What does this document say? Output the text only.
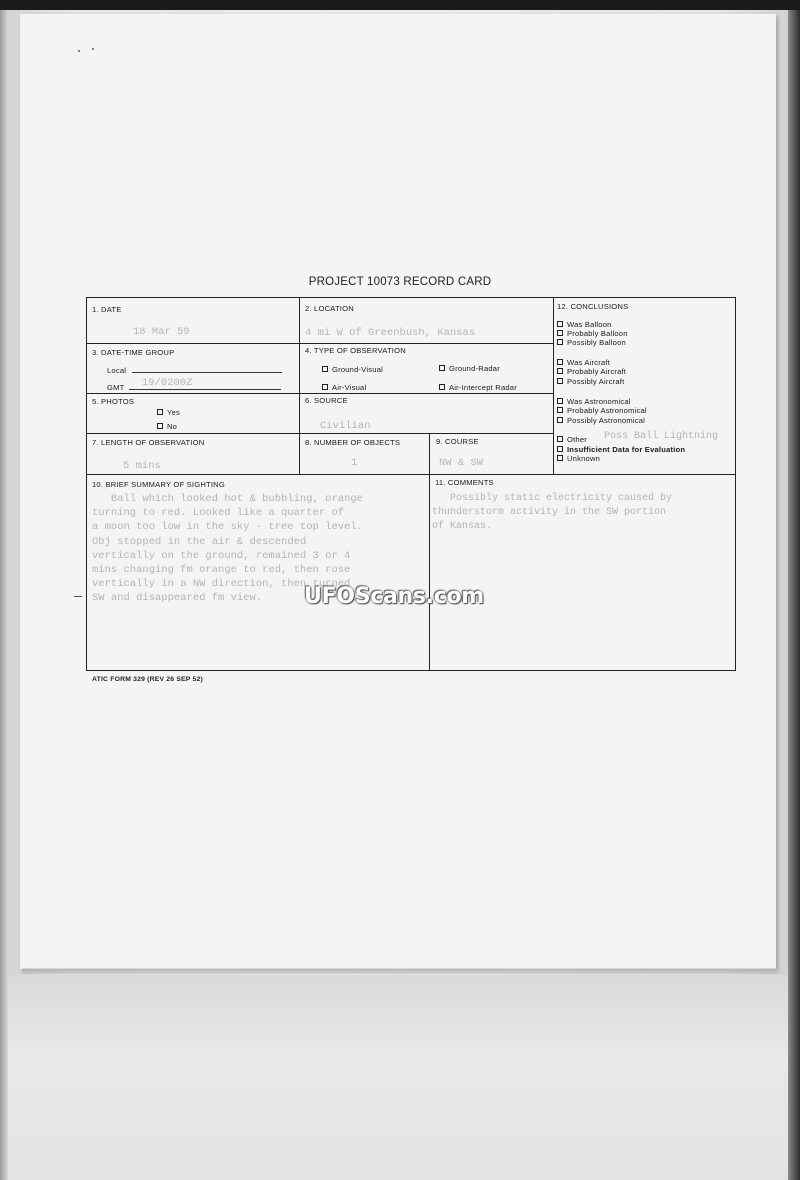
PROJECT 10073 RECORD CARD
1. DATE
18 Mar 59
2. LOCATION
4 mi W of Greenbush, Kansas
3. DATE-TIME GROUP
Local
GMT 19/0200Z
4. TYPE OF OBSERVATION
Ground-Visual	Ground-Radar
Air-Visual	Air-Intercept Radar
5. PHOTOS
Yes
No
6. SOURCE
Civilian
7. LENGTH OF OBSERVATION
5 mins
8. NUMBER OF OBJECTS
1
9. COURSE
NW & SW
10. BRIEF SUMMARY OF SIGHTING
Ball which looked hot & bubbling, orange
turning to red. Looked like a quarter of
a moon too low in the sky - tree top level.
Obj stopped in the air & descended
vertically on the ground, remained 3 or 4
mins changing fm orange to red, then rose
vertically in a NW direction, then turned
SW and disappeared fm view.
11. COMMENTS
Possibly static electricity caused by
thunderstorm activity in the SW portion
of Kansas.
12. CONCLUSIONS
Was Balloon
Probably Balloon
Possibly Balloon
Was Aircraft
Probably Aircraft
Possibly Aircraft
Was Astronomical
Probably Astronomical
Possibly Astronomical
Other Poss Ball Lightning
Insufficient Data for Evaluation
Unknown
UFOScans.com
ATIC FORM 329 (REV 26 SEP 52)
